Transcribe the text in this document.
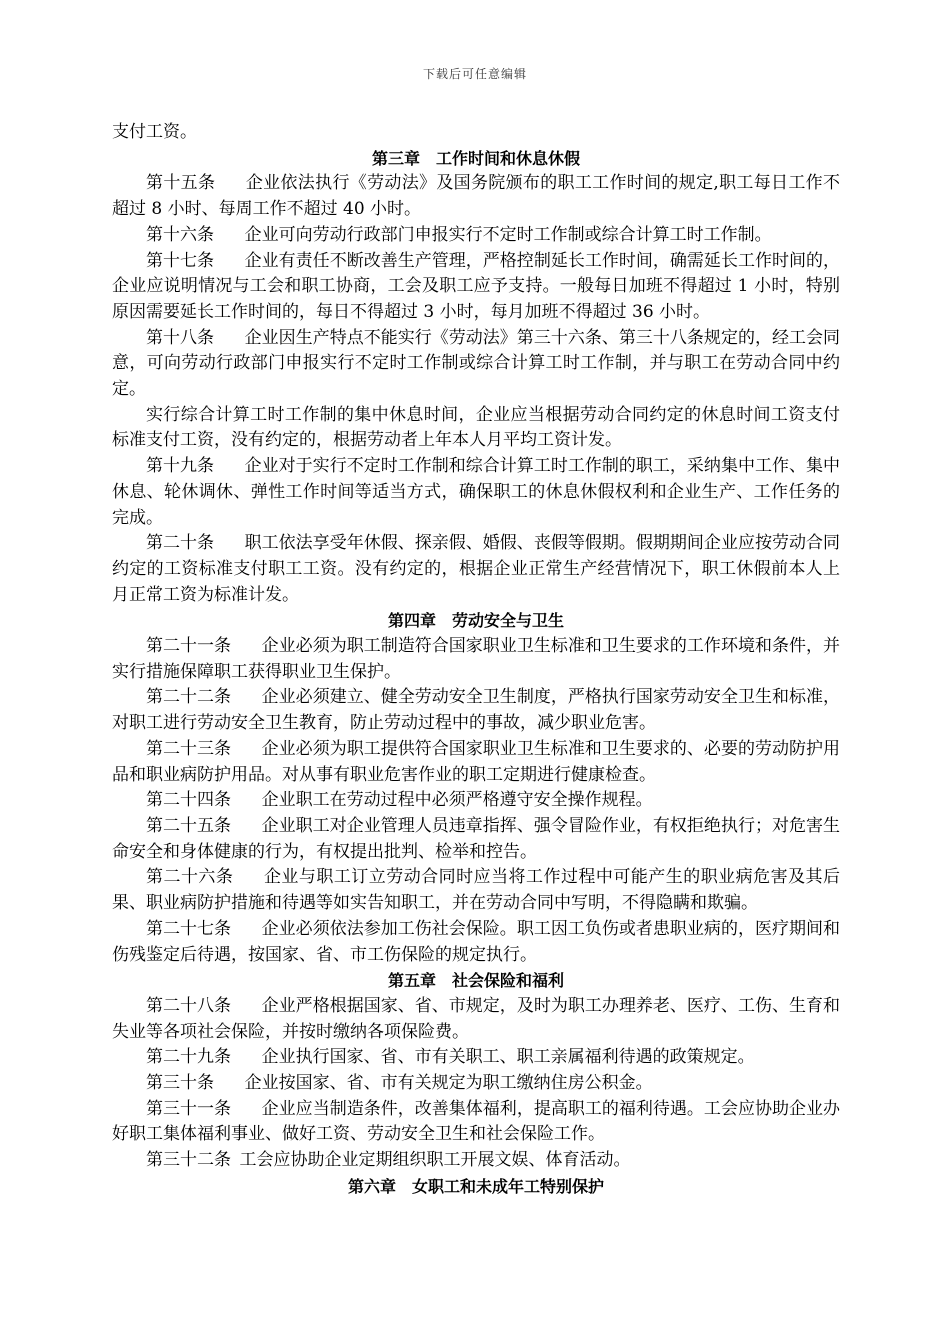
下载后可任意编辑

支付工资。

第三章 工作时间和休息休假

第十五条 企业依法执行《劳动法》及国务院颁布的职工工作时间的规定,职工每日工作不超过 8 小时、每周工作不超过 40 小时。

第十六条 企业可向劳动行政部门申报实行不定时工作制或综合计算工时工作制。

第十七条 企业有责任不断改善生产管理，严格控制延长工作时间，确需延长工作时间的，企业应说明情况与工会和职工协商，工会及职工应予支持。一般每日加班不得超过 1 小时，特别原因需要延长工作时间的，每日不得超过 3 小时，每月加班不得超过 36 小时。

第十八条 企业因生产特点不能实行《劳动法》第三十六条、第三十八条规定的，经工会同意，可向劳动行政部门申报实行不定时工作制或综合计算工时工作制，并与职工在劳动合同中约定。

实行综合计算工时工作制的集中休息时间，企业应当根据劳动合同约定的休息时间工资支付标准支付工资，没有约定的，根据劳动者上年本人月平均工资计发。

第十九条 企业对于实行不定时工作制和综合计算工时工作制的职工，采纳集中工作、集中休息、轮休调休、弹性工作时间等适当方式，确保职工的休息休假权利和企业生产、工作任务的完成。

第二十条 职工依法享受年休假、探亲假、婚假、丧假等假期。假期期间企业应按劳动合同约定的工资标准支付职工工资。没有约定的，根据企业正常生产经营情况下，职工休假前本人上月正常工资为标准计发。

第四章 劳动安全与卫生

第二十一条 企业必须为职工制造符合国家职业卫生标准和卫生要求的工作环境和条件，并实行措施保障职工获得职业卫生保护。

第二十二条 企业必须建立、健全劳动安全卫生制度，严格执行国家劳动安全卫生和标准，对职工进行劳动安全卫生教育，防止劳动过程中的事故，减少职业危害。

第二十三条 企业必须为职工提供符合国家职业卫生标准和卫生要求的、必要的劳动防护用品和职业病防护用品。对从事有职业危害作业的职工定期进行健康检查。

第二十四条 企业职工在劳动过程中必须严格遵守安全操作规程。

第二十五条 企业职工对企业管理人员违章指挥、强令冒险作业，有权拒绝执行；对危害生命安全和身体健康的行为，有权提出批判、检举和控告。

第二十六条 企业与职工订立劳动合同时应当将工作过程中可能产生的职业病危害及其后果、职业病防护措施和待遇等如实告知职工，并在劳动合同中写明，不得隐瞒和欺骗。

第二十七条 企业必须依法参加工伤社会保险。职工因工负伤或者患职业病的，医疗期间和伤残鉴定后待遇，按国家、省、市工伤保险的规定执行。

第五章 社会保险和福利

第二十八条 企业严格根据国家、省、市规定，及时为职工办理养老、医疗、工伤、生育和失业等各项社会保险，并按时缴纳各项保险费。

第二十九条 企业执行国家、省、市有关职工、职工亲属福利待遇的政策规定。

第三十条 企业按国家、省、市有关规定为职工缴纳住房公积金。

第三十一条 企业应当制造条件，改善集体福利，提高职工的福利待遇。工会应协助企业办好职工集体福利事业、做好工资、劳动安全卫生和社会保险工作。

第三十二条 工会应协助企业定期组织职工开展文娱、体育活动。

第六章 女职工和未成年工特别保护
